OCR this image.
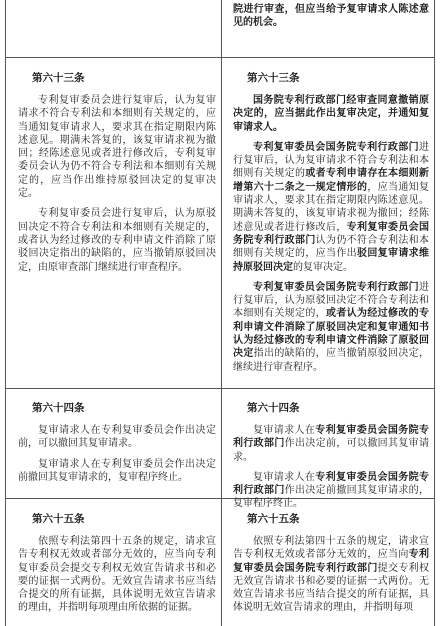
院进行审查，但应当给予复审请求人陈述意见的机会。

第六十三条

专利复审委员会进行复审后，认为复审请求不符合专利法和本细则有关规定的，应当通知复审请求人，要求其在指定期限内陈述意见。期满未答复的，该复审请求视为撤回；经陈述意见或者进行修改后，专利复审委员会认为仍不符合专利法和本细则有关规定的，应当作出维持原驳回决定的复审决定。

专利复审委员会进行复审后，认为原驳回决定不符合专利法和本细则有关规定的，或者认为经过修改的专利申请文件消除了原驳回决定指出的缺陷的，应当撤销原驳回决定，由原审查部门继续进行审查程序。

第六十三条

国务院专利行政部门经审查同意撤销原决定的，应当据此作出复审决定，并通知复审请求人。

专利复审委员会国务院专利行政部门进行复审后，认为复审请求不符合专利法和本细则有关规定的或者专利申请存在本细则新增第六十二条之一规定情形的，应当通知复审请求人，要求其在指定期限内陈述意见。期满未答复的，该复审请求视为撤回；经陈述意见或者进行修改后，专利复审委员会国务院专利行政部门认为仍不符合专利法和本细则有关规定的，应当作出驳回复审请求维持原驳回决定的复审决定。

专利复审委员会国务院专利行政部门进行复审后，认为原驳回决定不符合专利法和本细则有关规定的，或者认为经过修改的专利申请文件消除了原驳回决定和复审通知书认为经过修改的专利申请文件消除了原驳回决定指出的缺陷的，应当撤销原驳回决定，继续进行审查程序。

第六十四条

复审请求人在专利复审委员会作出决定前，可以撤回其复审请求。

复审请求人在专利复审委员会作出决定前撤回其复审请求的，复审程序终止。

第六十四条

复审请求人在专利复审委员会国务院专利行政部门作出决定前，可以撤回其复审请求。

复审请求人在专利复审委员会国务院专利行政部门作出决定前撤回其复审请求的，复审程序终止。

第六十五条

依照专利法第四十五条的规定，请求宣告专利权无效或者部分无效的，应当向专利复审委员会提交专利权无效宣告请求书和必要的证据一式两份。无效宣告请求书应当结合提交的所有证据，具体说明无效宣告请求的理由，并指明每项理由所依据的证据。

第六十五条

依照专利法第四十五条的规定，请求宣告专利权无效或者部分无效的，应当向专利复审委员会国务院专利行政部门提交专利权无效宣告请求书和必要的证据一式两份。无效宣告请求书应当结合提交的所有证据，具体说明无效宣告请求的理由，并指明每项
